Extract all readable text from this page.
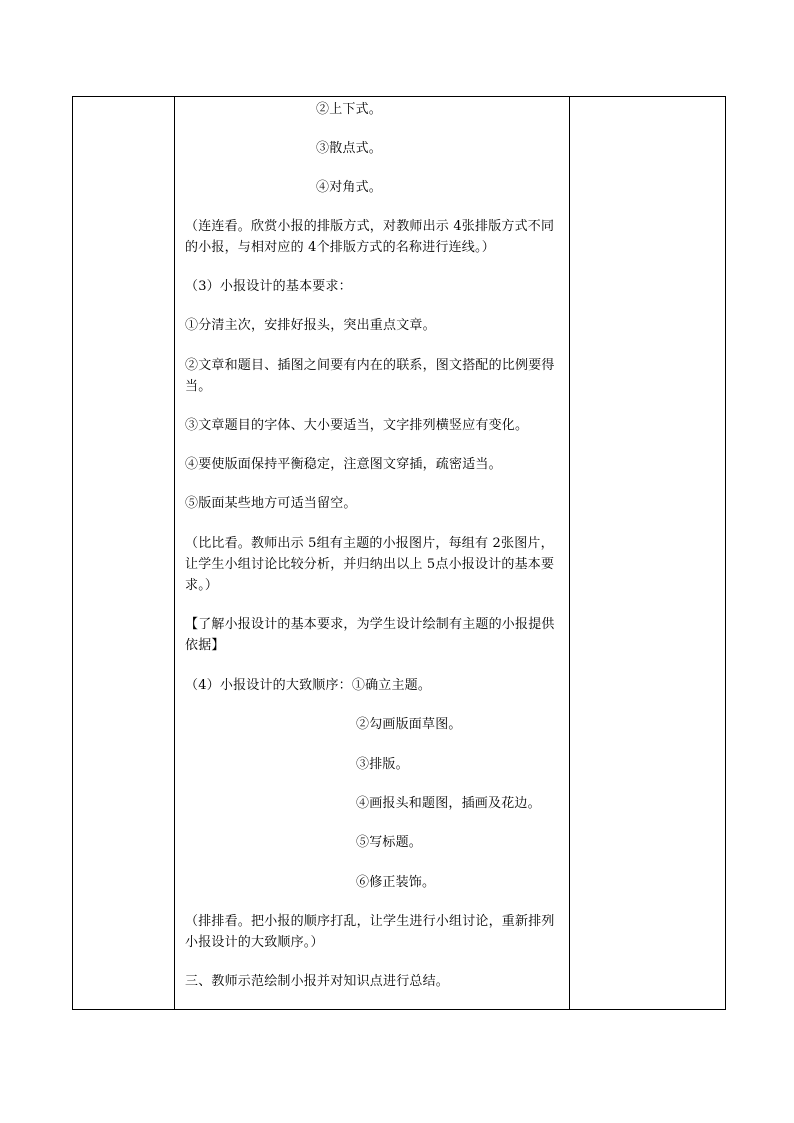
②上下式。

③散点式。

④对角式。

（连连看。欣赏小报的排版方式，对教师出示 4张排版方式不同的小报，与相对应的 4个排版方式的名称进行连线。）

（3）小报设计的基本要求：

①分清主次，安排好报头，突出重点文章。

②文章和题目、插图之间要有内在的联系，图文搭配的比例要得当。

③文章题目的字体、大小要适当，文字排列横竖应有变化。

④要使版面保持平衡稳定，注意图文穿插，疏密适当。

⑤版面某些地方可适当留空。

（比比看。教师出示 5组有主题的小报图片，每组有 2张图片，让学生小组讨论比较分析，并归纳出以上 5点小报设计的基本要求。）

【了解小报设计的基本要求，为学生设计绘制有主题的小报提供依据】

（4）小报设计的大致顺序：①确立主题。

②勾画版面草图。

③排版。

④画报头和题图，插画及花边。

⑤写标题。

⑥修正装饰。

（排排看。把小报的顺序打乱，让学生进行小组讨论，重新排列小报设计的大致顺序。）

三、教师示范绘制小报并对知识点进行总结。
